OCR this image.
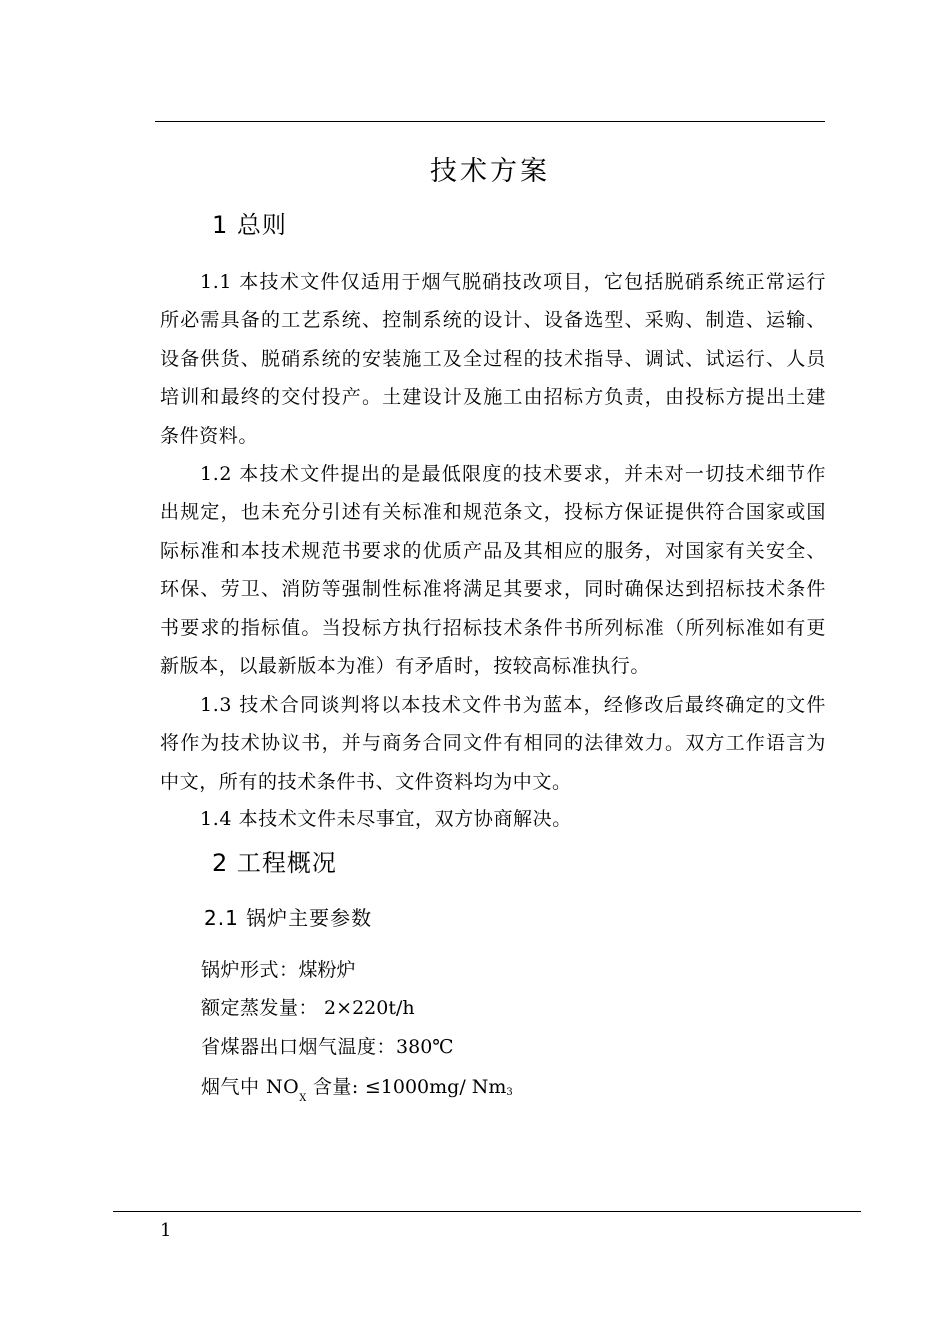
技术方案
1 总则

1.1 本技术文件仅适用于烟气脱硝技改项目，它包括脱硝系统正常运行所必需具备的工艺系统、控制系统的设计、设备选型、采购、制造、运输、设备供货、脱硝系统的安装施工及全过程的技术指导、调试、试运行、人员培训和最终的交付投产。土建设计及施工由招标方负责，由投标方提出土建条件资料。

1.2 本技术文件提出的是最低限度的技术要求，并未对一切技术细节作出规定，也未充分引述有关标准和规范条文，投标方保证提供符合国家或国际标准和本技术规范书要求的优质产品及其相应的服务，对国家有关安全、环保、劳卫、消防等强制性标准将满足其要求，同时确保达到招标技术条件书要求的指标值。当投标方执行招标技术条件书所列标准（所列标准如有更新版本，以最新版本为准）有矛盾时，按较高标准执行。

1.3 技术合同谈判将以本技术文件书为蓝本，经修改后最终确定的文件将作为技术协议书，并与商务合同文件有相同的法律效力。双方工作语言为中文，所有的技术条件书、文件资料均为中文。

1.4 本技术文件未尽事宜，双方协商解决。

2 工程概况
2.1 锅炉主要参数
锅炉形式：煤粉炉
额定蒸发量： 2×220t/h
省煤器出口烟气温度：380℃
烟气中 $NO_X$ 含量: ≤1000mg/ $Nm_3$
1
